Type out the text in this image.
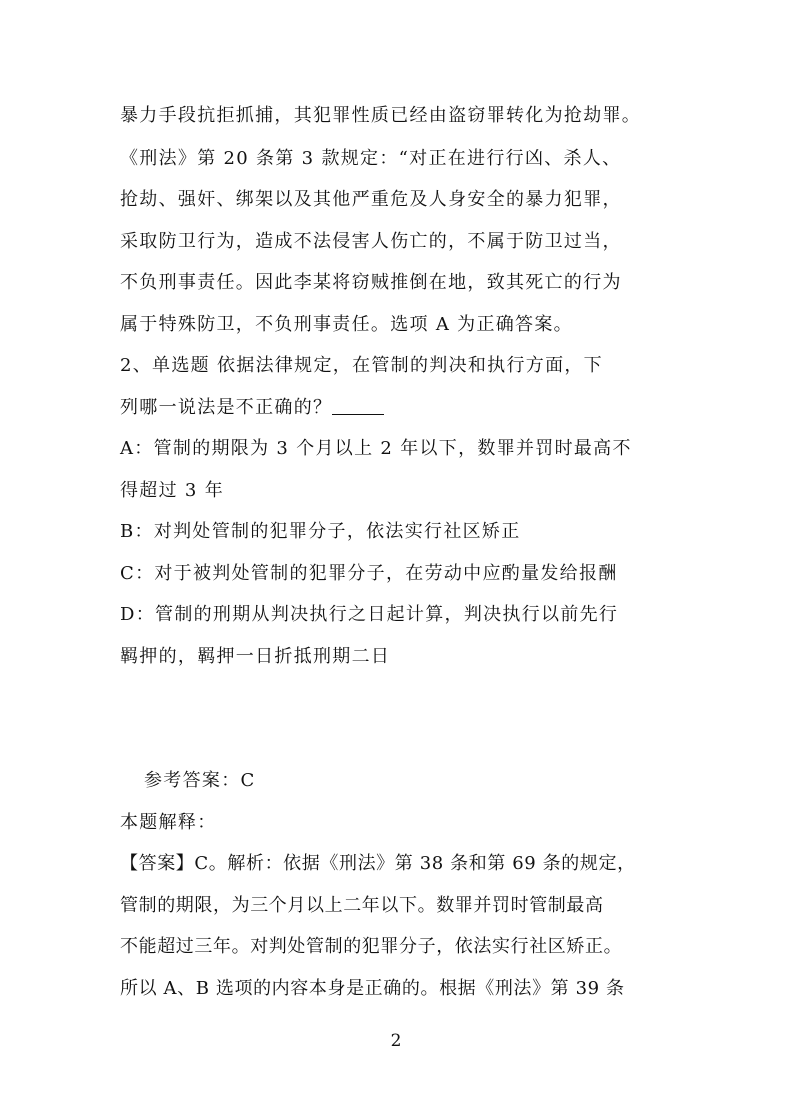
暴力手段抗拒抓捕，其犯罪性质已经由盗窃罪转化为抢劫罪。
《刑法》第 20 条第 3 款规定：“对正在进行行凶、杀人、
抢劫、强奸、绑架以及其他严重危及人身安全的暴力犯罪，
采取防卫行为，造成不法侵害人伤亡的，不属于防卫过当，
不负刑事责任。因此李某将窃贼推倒在地，致其死亡的行为
属于特殊防卫，不负刑事责任。选项 A 为正确答案。
2、单选题 依据法律规定，在管制的判决和执行方面，下
列哪一说法是不正确的？
A：管制的期限为 3 个月以上 2 年以下，数罪并罚时最高不
得超过 3 年
B：对判处管制的犯罪分子，依法实行社区矫正
C：对于被判处管制的犯罪分子，在劳动中应酌量发给报酬
D：管制的刑期从判决执行之日起计算，判决执行以前先行
羁押的，羁押一日折抵刑期二日
参考答案：C
本题解释：
【答案】C。解析：依据《刑法》第 38 条和第 69 条的规定，
管制的期限，为三个月以上二年以下。数罪并罚时管制最高
不能超过三年。对判处管制的犯罪分子，依法实行社区矫正。
所以 A、B 选项的内容本身是正确的。根据《刑法》第 39 条
2
